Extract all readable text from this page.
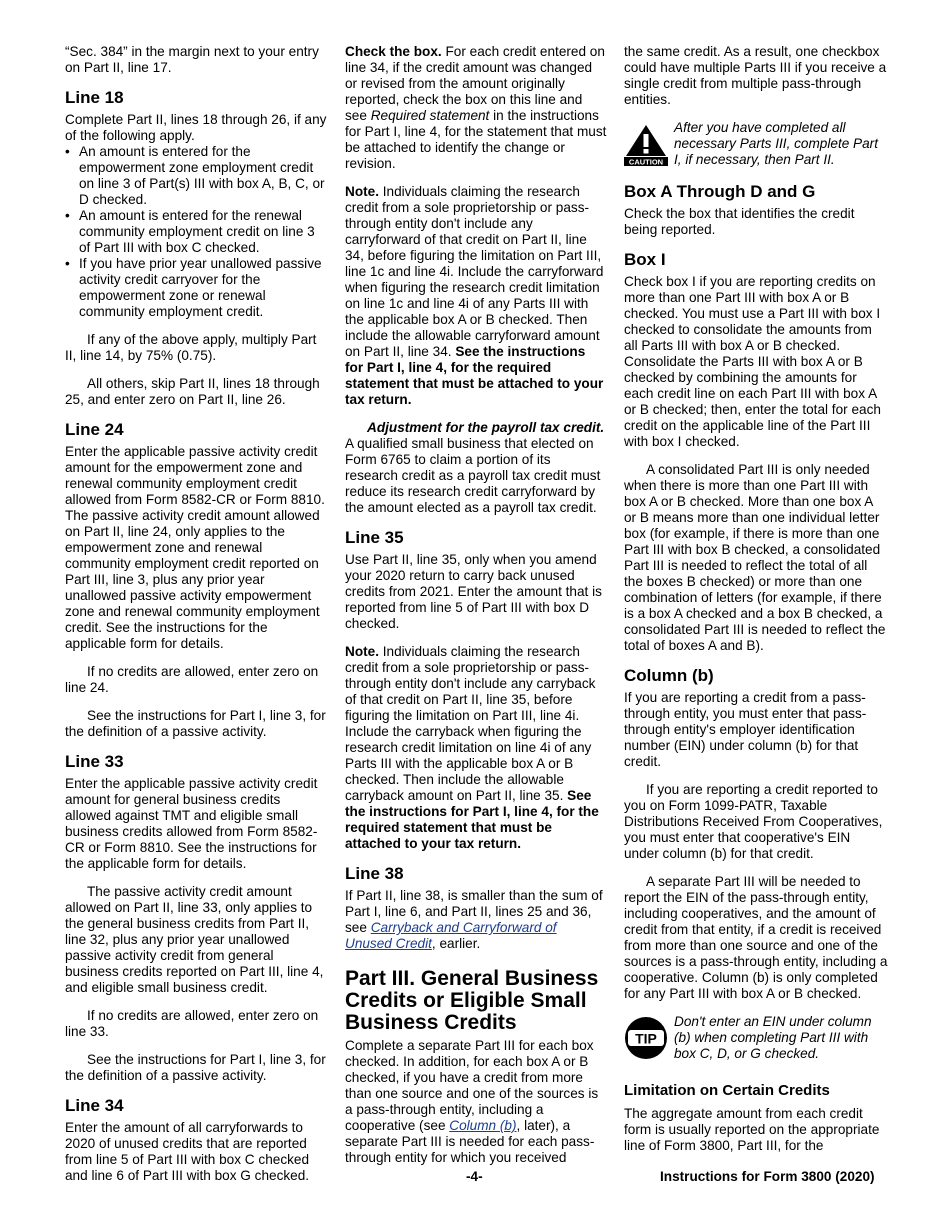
“Sec. 384” in the margin next to your entry on Part II, line 17.

Line 18

Complete Part II, lines 18 through 26, if any of the following apply.

• An amount is entered for the empowerment zone employment credit on line 3 of Part(s) III with box A, B, C, or D checked.
• An amount is entered for the renewal community employment credit on line 3 of Part III with box C checked.
• If you have prior year unallowed passive activity credit carryover for the empowerment zone or renewal community employment credit.

If any of the above apply, multiply Part II, line 14, by 75% (0.75).

All others, skip Part II, lines 18 through 25, and enter zero on Part II, line 26.

Line 24

Enter the applicable passive activity credit amount for the empowerment zone and renewal community employment credit allowed from Form 8582-CR or Form 8810. The passive activity credit amount allowed on Part II, line 24, only applies to the empowerment zone and renewal community employment credit reported on Part III, line 3, plus any prior year unallowed passive activity empowerment zone and renewal community employment credit. See the instructions for the applicable form for details.

If no credits are allowed, enter zero on line 24.

See the instructions for Part I, line 3, for the definition of a passive activity.

Line 33

Enter the applicable passive activity credit amount for general business credits allowed against TMT and eligible small business credits allowed from Form 8582-CR or Form 8810. See the instructions for the applicable form for details.

The passive activity credit amount allowed on Part II, line 33, only applies to the general business credits from Part II, line 32, plus any prior year unallowed passive activity credit from general business credits reported on Part III, line 4, and eligible small business credit.

If no credits are allowed, enter zero on line 33.

See the instructions for Part I, line 3, for the definition of a passive activity.

Line 34

Enter the amount of all carryforwards to 2020 of unused credits that are reported from line 5 of Part III with box C checked and line 6 of Part III with box G checked.

Check the box. For each credit entered on line 34, if the credit amount was changed or revised from the amount originally reported, check the box on this line and see Required statement in the instructions for Part I, line 4, for the statement that must be attached to identify the change or revision.

Note. Individuals claiming the research credit from a sole proprietorship or pass-through entity don't include any carryforward of that credit on Part II, line 34, before figuring the limitation on Part III, line 1c and line 4i. Include the carryforward when figuring the research credit limitation on line 1c and line 4i of any Parts III with the applicable box A or B checked. Then include the allowable carryforward amount on Part II, line 34. See the instructions for Part I, line 4, for the required statement that must be attached to your tax return.

Adjustment for the payroll tax credit. A qualified small business that elected on Form 6765 to claim a portion of its research credit as a payroll tax credit must reduce its research credit carryforward by the amount elected as a payroll tax credit.

Line 35

Use Part II, line 35, only when you amend your 2020 return to carry back unused credits from 2021. Enter the amount that is reported from line 5 of Part III with box D checked.

Note. Individuals claiming the research credit from a sole proprietorship or pass-through entity don't include any carryback of that credit on Part II, line 35, before figuring the limitation on Part III, line 4i. Include the carryback when figuring the research credit limitation on line 4i of any Parts III with the applicable box A or B checked. Then include the allowable carryback amount on Part II, line 35. See the instructions for Part I, line 4, for the required statement that must be attached to your tax return.

Line 38

If Part II, line 38, is smaller than the sum of Part I, line 6, and Part II, lines 25 and 36, see Carryback and Carryforward of Unused Credit, earlier.

Part III. General Business Credits or Eligible Small Business Credits

Complete a separate Part III for each box checked. In addition, for each box A or B checked, if you have a credit from more than one source and one of the sources is a pass-through entity, including a cooperative (see Column (b), later), a separate Part III is needed for each pass-through entity for which you received

the same credit. As a result, one checkbox could have multiple Parts III if you receive a single credit from multiple pass-through entities.

CAUTION
After you have completed all necessary Parts III, complete Part I, if necessary, then Part II.
Box A Through D and G

Check the box that identifies the credit being reported.

Box I

Check box I if you are reporting credits on more than one Part III with box A or B checked. You must use a Part III with box I checked to consolidate the amounts from all Parts III with box A or B checked. Consolidate the Parts III with box A or B checked by combining the amounts for each credit line on each Part III with box A or B checked; then, enter the total for each credit on the applicable line of the Part III with box I checked.

A consolidated Part III is only needed when there is more than one Part III with box A or B checked. More than one box A or B means more than one individual letter box (for example, if there is more than one Part III with box B checked, a consolidated Part III is needed to reflect the total of all the boxes B checked) or more than one combination of letters (for example, if there is a box A checked and a box B checked, a consolidated Part III is needed to reflect the total of boxes A and B).

Column (b)

If you are reporting a credit from a pass-through entity, you must enter that pass-through entity's employer identification number (EIN) under column (b) for that credit.

If you are reporting a credit reported to you on Form 1099-PATR, Taxable Distributions Received From Cooperatives, you must enter that cooperative's EIN under column (b) for that credit.

A separate Part III will be needed to report the EIN of the pass-through entity, including cooperatives, and the amount of credit from that entity, if a credit is received from more than one source and one of the sources is a pass-through entity, including a cooperative. Column (b) is only completed for any Part III with box A or B checked.

TIP
Don't enter an EIN under column (b) when completing Part III with box C, D, or G checked.
Limitation on Certain Credits

The aggregate amount from each credit form is usually reported on the appropriate line of Form 3800, Part III, for the

-4-	Instructions for Form 3800 (2020)
